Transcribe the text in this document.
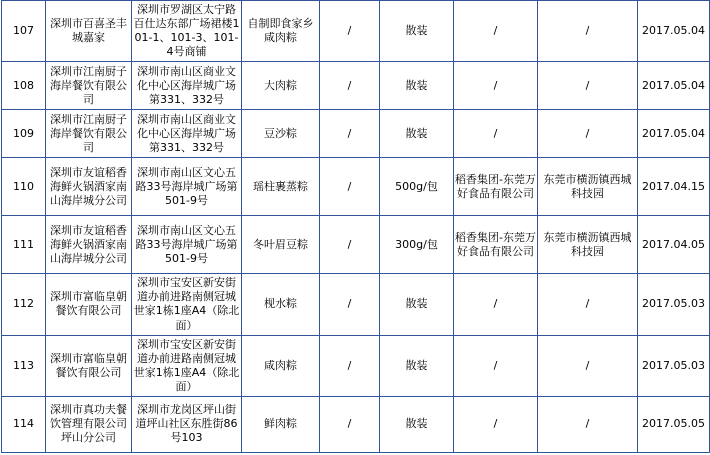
107	深圳市百喜圣丰城嘉家	深圳市罗湖区太宁路百仕达东部广场裙楼101-1、101-3、101-4号商铺	自制即食家乡咸肉粽	/	散装	/	/	2017.05.04
108	深圳市江南厨子海岸餐饮有限公司	深圳市南山区商业文化中心区海岸城广场第331、332号	大肉粽	/	散装	/	/	2017.05.04
109	深圳市江南厨子海岸餐饮有限公司	深圳市南山区商业文化中心区海岸城广场第331、332号	豆沙粽	/	散装	/	/	2017.05.04
110	深圳市友谊稻香海鲜火锅酒家南山海岸城分公司	深圳市南山区文心五路33号海岸城广场第501-9号	瑶柱裹蒸粽	/	500g/包	稻香集团-东莞万好食品有限公司	东莞市横沥镇西城科技园	2017.04.15
111	深圳市友谊稻香海鲜火锅酒家南山海岸城分公司	深圳市南山区文心五路33号海岸城广场第501-9号	冬叶眉豆粽	/	300g/包	稻香集团-东莞万好食品有限公司	东莞市横沥镇西城科技园	2017.04.05
112	深圳市富临皇朝餐饮有限公司	深圳市宝安区新安街道办前进路南侧冠城世家1栋1座A4（除北面）	枧水粽	/	散装	/	/	2017.05.03
113	深圳市富临皇朝餐饮有限公司	深圳市宝安区新安街道办前进路南侧冠城世家1栋1座A4（除北面）	咸肉粽	/	散装	/	/	2017.05.03
114	深圳市真功夫餐饮管理有限公司坪山分公司	深圳市龙岗区坪山街道坪山社区东胜街86号103	鲜肉粽	/	散装	/	/	2017.05.05
